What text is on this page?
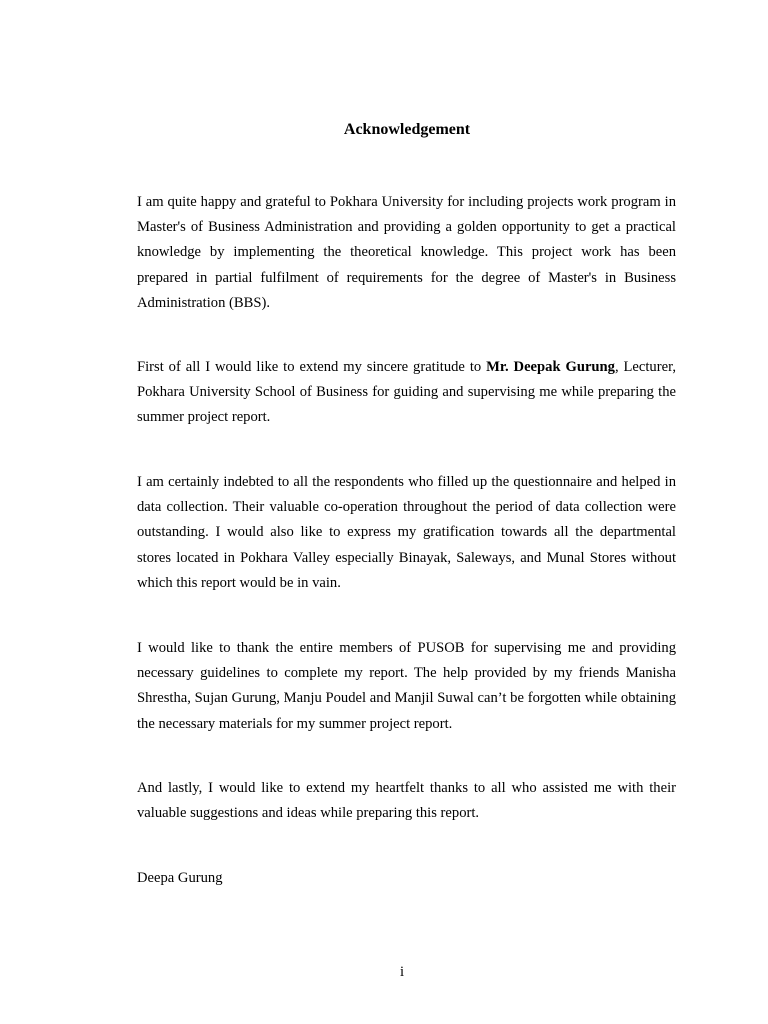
Acknowledgement

I am quite happy and grateful to Pokhara University for including projects work program in Master's of Business Administration and providing a golden opportunity to get a practical knowledge by implementing the theoretical knowledge. This project work has been prepared in partial fulfilment of requirements for the degree of Master's in Business Administration (BBS).

First of all I would like to extend my sincere gratitude to Mr. Deepak Gurung, Lecturer, Pokhara University School of Business for guiding and supervising me while preparing the summer project report.

I am certainly indebted to all the respondents who filled up the questionnaire and helped in data collection. Their valuable co-operation throughout the period of data collection were outstanding. I would also like to express my gratification towards all the departmental stores located in Pokhara Valley especially Binayak, Saleways, and Munal Stores without which this report would be in vain.

I would like to thank the entire members of PUSOB for supervising me and providing necessary guidelines to complete my report. The help provided by my friends Manisha Shrestha, Sujan Gurung, Manju Poudel and Manjil Suwal can’t be forgotten while obtaining the necessary materials for my summer project report.

And lastly, I would like to extend my heartfelt thanks to all who assisted me with their valuable suggestions and ideas while preparing this report.

Deepa Gurung

i
